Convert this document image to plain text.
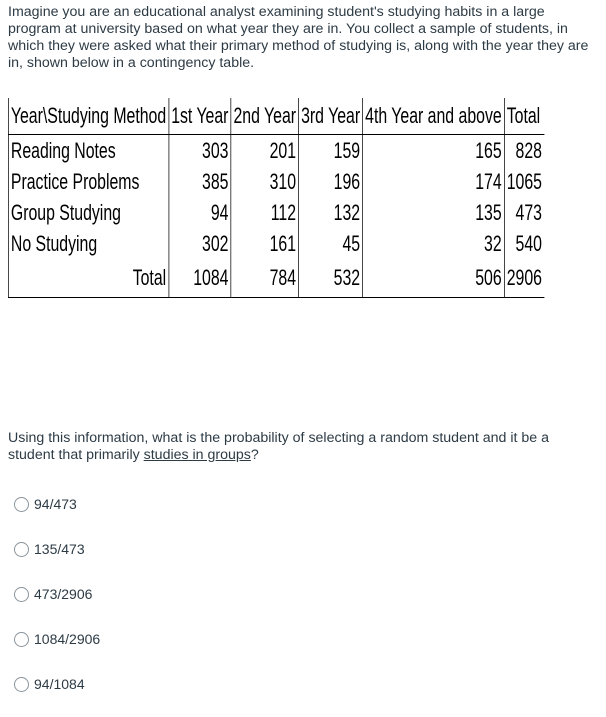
Imagine you are an educational analyst examining student's studying habits in a large program at university based on what year they are in. You collect a sample of students, in which they were asked what their primary method of studying is, along with the year they are in, shown below in a contingency table.

Year\Studying Method	1st Year	2nd Year	3rd Year	4th Year and above	Total
Reading Notes	303	201	159	165	828
Practice Problems	385	310	196	174	1065
Group Studying	94	112	132	135	473
No Studying	302	161	45	32	540
Total	1084	784	532	506	2906

Using this information, what is the probability of selecting a random student and it be a student that primarily studies in groups?

94/473
135/473
473/2906
1084/2906
94/1084
